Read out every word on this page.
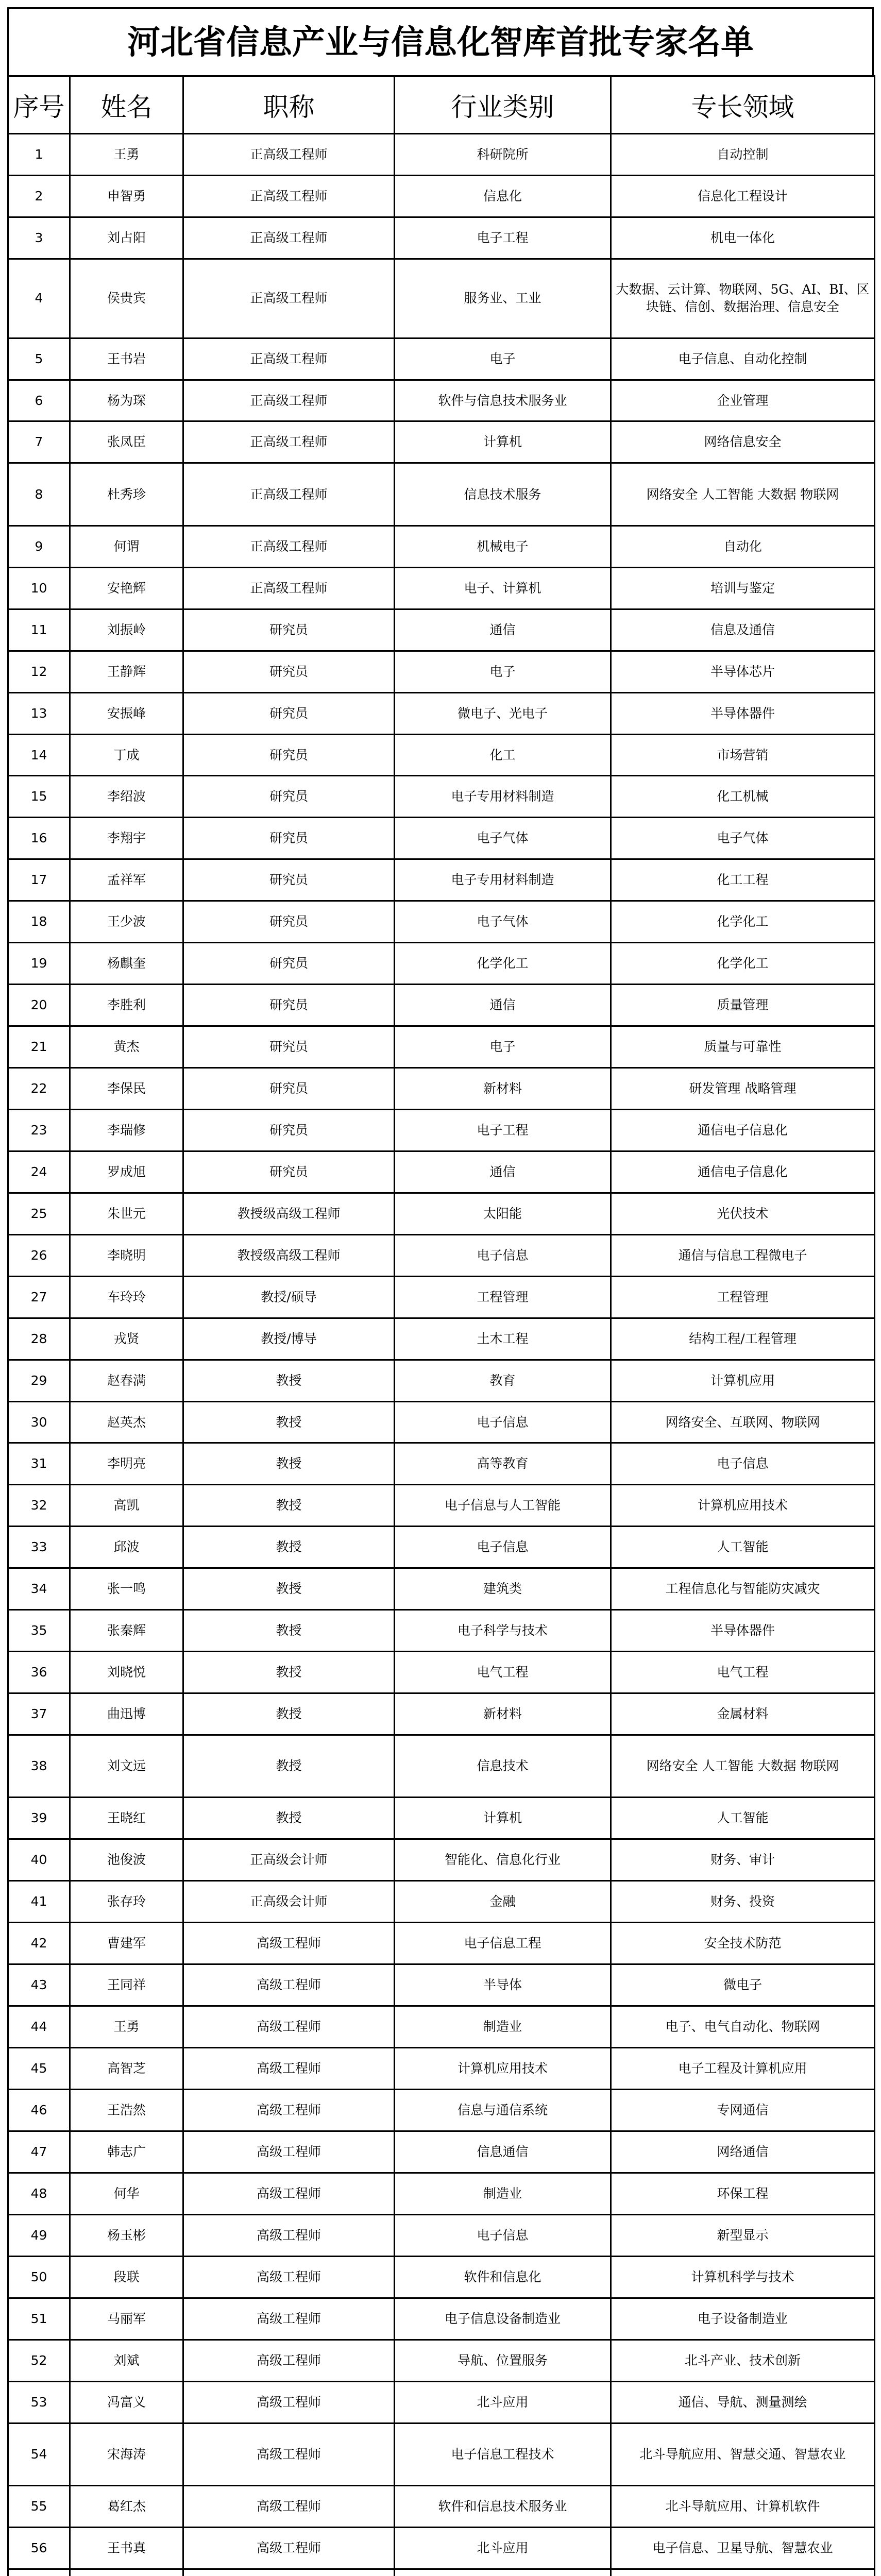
河北省信息产业与信息化智库首批专家名单
序号	姓名	职称	行业类别	专长领域
1	王勇	正高级工程师	科研院所	自动控制
2	申智勇	正高级工程师	信息化	信息化工程设计
3	刘占阳	正高级工程师	电子工程	机电一体化
4	侯贵宾	正高级工程师	服务业、工业	大数据、云计算、物联网、5G、AI、BI、区块链、信创、数据治理、信息安全
5	王书岩	正高级工程师	电子	电子信息、自动化控制
6	杨为琛	正高级工程师	软件与信息技术服务业	企业管理
7	张凤臣	正高级工程师	计算机	网络信息安全
8	杜秀珍	正高级工程师	信息技术服务	网络安全 人工智能 大数据 物联网
9	何谓	正高级工程师	机械电子	自动化
10	安艳辉	正高级工程师	电子、计算机	培训与鉴定
11	刘振岭	研究员	通信	信息及通信
12	王静辉	研究员	电子	半导体芯片
13	安振峰	研究员	微电子、光电子	半导体器件
14	丁成	研究员	化工	市场营销
15	李绍波	研究员	电子专用材料制造	化工机械
16	李翔宇	研究员	电子气体	电子气体
17	孟祥军	研究员	电子专用材料制造	化工工程
18	王少波	研究员	电子气体	化学化工
19	杨麒奎	研究员	化学化工	化学化工
20	李胜利	研究员	通信	质量管理
21	黄杰	研究员	电子	质量与可靠性
22	李保民	研究员	新材料	研发管理 战略管理
23	李瑞修	研究员	电子工程	通信电子信息化
24	罗成旭	研究员	通信	通信电子信息化
25	朱世元	教授级高级工程师	太阳能	光伏技术
26	李晓明	教授级高级工程师	电子信息	通信与信息工程微电子
27	车玲玲	教授/硕导	工程管理	工程管理
28	戎贤	教授/博导	土木工程	结构工程/工程管理
29	赵春满	教授	教育	计算机应用
30	赵英杰	教授	电子信息	网络安全、互联网、物联网
31	李明亮	教授	高等教育	电子信息
32	高凯	教授	电子信息与人工智能	计算机应用技术
33	邱波	教授	电子信息	人工智能
34	张一鸣	教授	建筑类	工程信息化与智能防灾减灾
35	张秦辉	教授	电子科学与技术	半导体器件
36	刘晓悦	教授	电气工程	电气工程
37	曲迅博	教授	新材料	金属材料
38	刘文远	教授	信息技术	网络安全 人工智能 大数据 物联网
39	王晓红	教授	计算机	人工智能
40	池俊波	正高级会计师	智能化、信息化行业	财务、审计
41	张存玲	正高级会计师	金融	财务、投资
42	曹建军	高级工程师	电子信息工程	安全技术防范
43	王同祥	高级工程师	半导体	微电子
44	王勇	高级工程师	制造业	电子、电气自动化、物联网
45	高智芝	高级工程师	计算机应用技术	电子工程及计算机应用
46	王浩然	高级工程师	信息与通信系统	专网通信
47	韩志广	高级工程师	信息通信	网络通信
48	何华	高级工程师	制造业	环保工程
49	杨玉彬	高级工程师	电子信息	新型显示
50	段联	高级工程师	软件和信息化	计算机科学与技术
51	马丽军	高级工程师	电子信息设备制造业	电子设备制造业
52	刘斌	高级工程师	导航、位置服务	北斗产业、技术创新
53	冯富义	高级工程师	北斗应用	通信、导航、测量测绘
54	宋海涛	高级工程师	电子信息工程技术	北斗导航应用、智慧交通、智慧农业
55	葛红杰	高级工程师	软件和信息技术服务业	北斗导航应用、计算机软件
56	王书真	高级工程师	北斗应用	电子信息、卫星导航、智慧农业
